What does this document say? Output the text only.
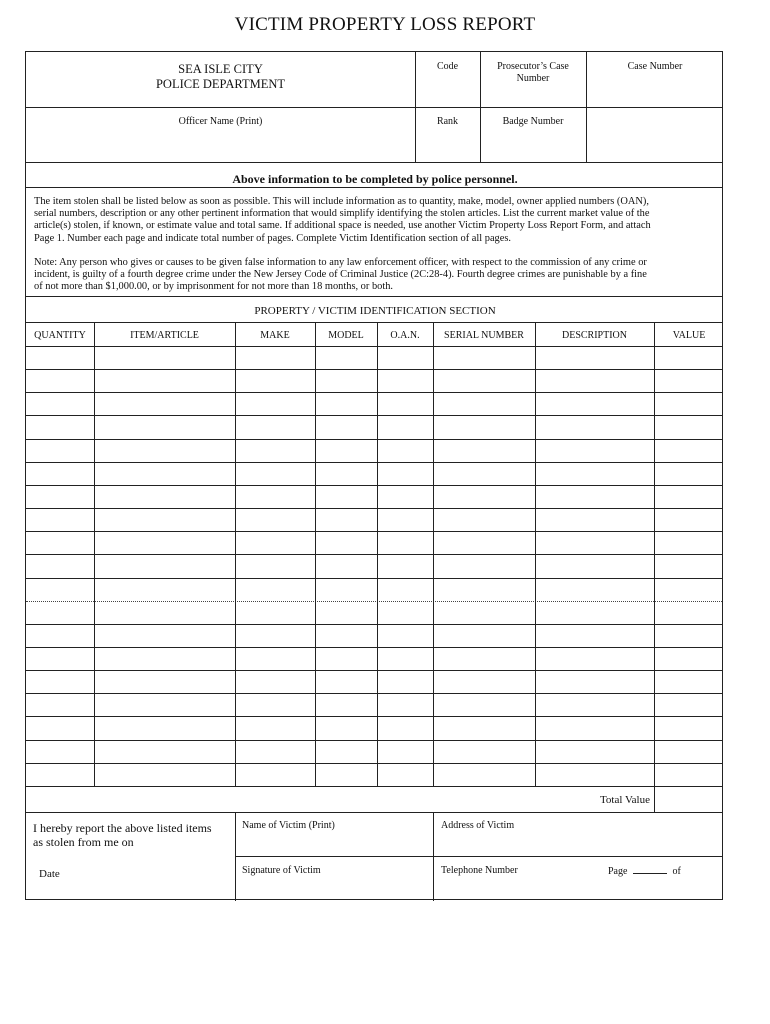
VICTIM PROPERTY LOSS REPORT
SEA ISLE CITY
POLICE DEPARTMENT
Code	Prosecutor’s Case
Number
Case Number
Officer Name (Print)	Rank	Badge Number
Above information to be completed by police personnel.
The item stolen shall be listed below as soon as possible. This will include information as to quantity, make, model, owner applied numbers (OAN),
serial numbers, description or any other pertinent information that would simplify identifying the stolen articles. List the current market value of the
article(s) stolen, if known, or estimate value and total same. If additional space is needed, use another Victim Property Loss Report Form, and attach
Page 1. Number each page and indicate total number of pages. Complete Victim Identification section of all pages.
Note: Any person who gives or causes to be given false information to any law enforcement officer, with respect to the commission of any crime or
incident, is guilty of a fourth degree crime under the New Jersey Code of Criminal Justice (2C:28-4). Fourth degree crimes are punishable by a fine
of not more than $1,000.00, or by imprisonment for not more than 18 months, or both.
PROPERTY / VICTIM IDENTIFICATION SECTION
QUANTITY	ITEM/ARTICLE	MAKE	MODEL	O.A.N.	SERIAL NUMBER	DESCRIPTION	VALUE
Total Value
I hereby report the above listed items
as stolen from me on
Date
Name of Victim (Print)	Address of Victim
Signature of Victim	Telephone Number	Page	of
